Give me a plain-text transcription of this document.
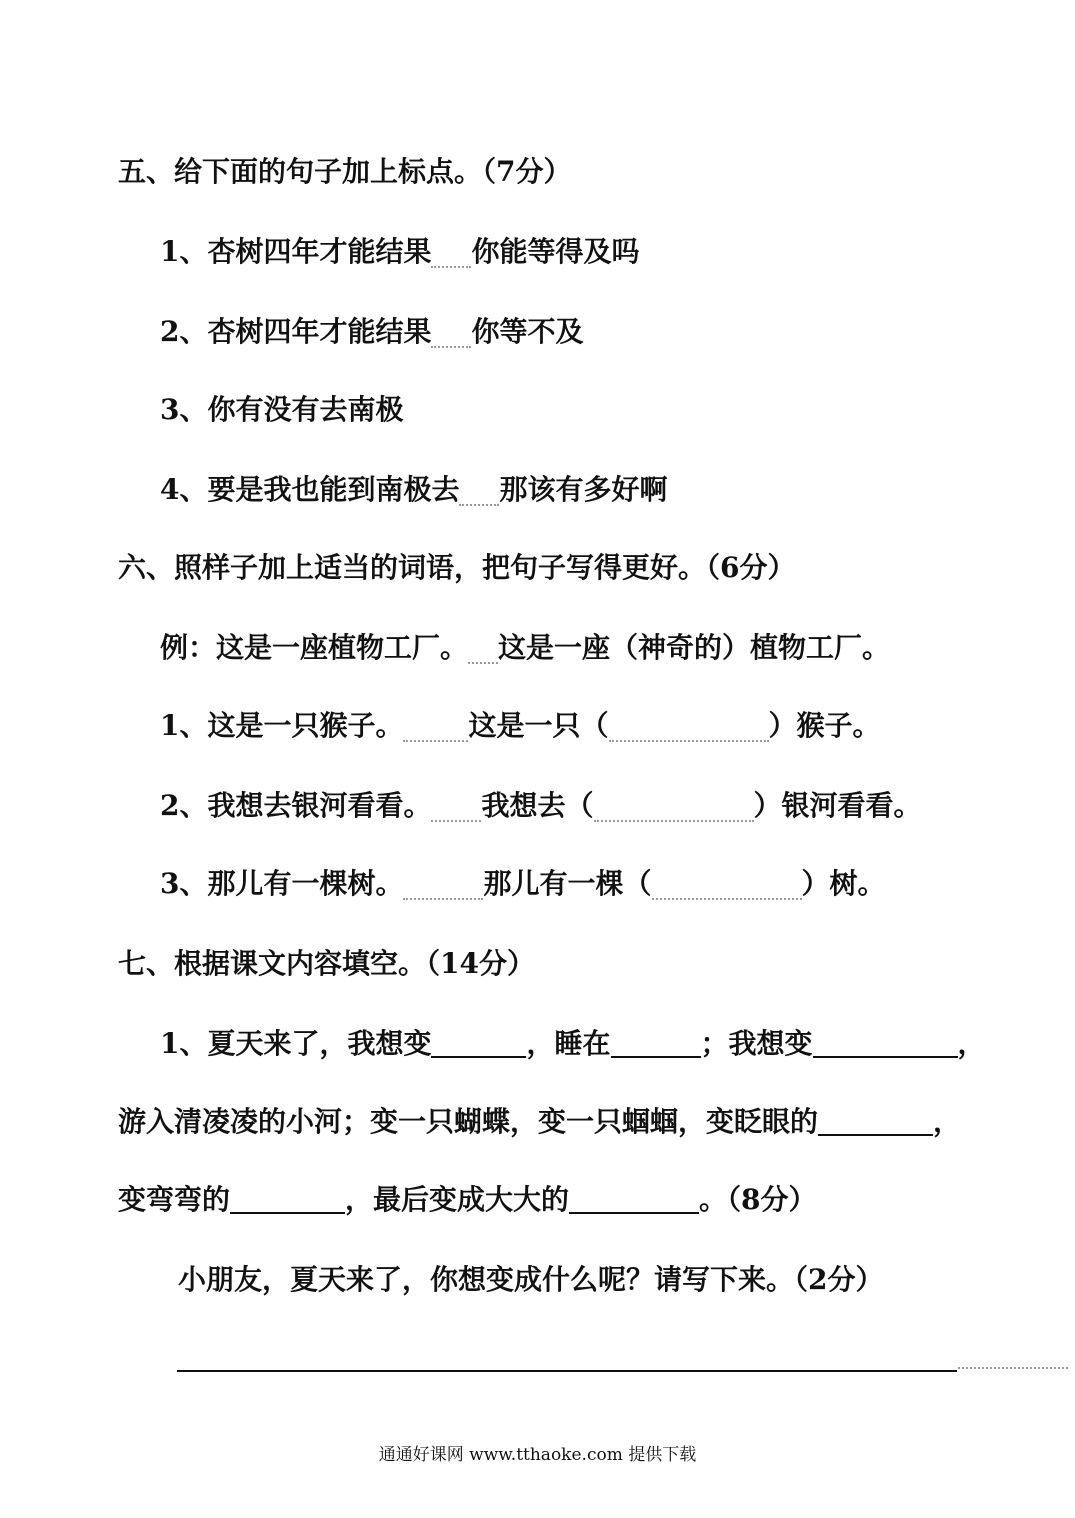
五、给下面的句子加上标点。（7分）
1、杏树四年才能结果 你能等得及吗
2、杏树四年才能结果 你等不及
3、你有没有去南极
4、要是我也能到南极去 那该有多好啊
六、照样子加上适当的词语，把句子写得更好。（6分）
例：这是一座植物工厂。 这是一座（神奇的）植物工厂。
1、这是一只猴子。 这是一只（	）猴子。
2、我想去银河看看。 我想去（	）银河看看。
3、那儿有一棵树。	那儿有一棵（	）树。
七、根据课文内容填空。（14分）
1、夏天来了，我想变	，睡在	；我想变	，
游入清凌凌的小河；变一只蝴蝶，变一只蝈蝈，变眨眼的	，
变弯弯的	，最后变成大大的	。（8分）
小朋友，夏天来了，你想变成什么呢？请写下来。（2分）
通通好课网 www.tthaoke.com 提供下载
